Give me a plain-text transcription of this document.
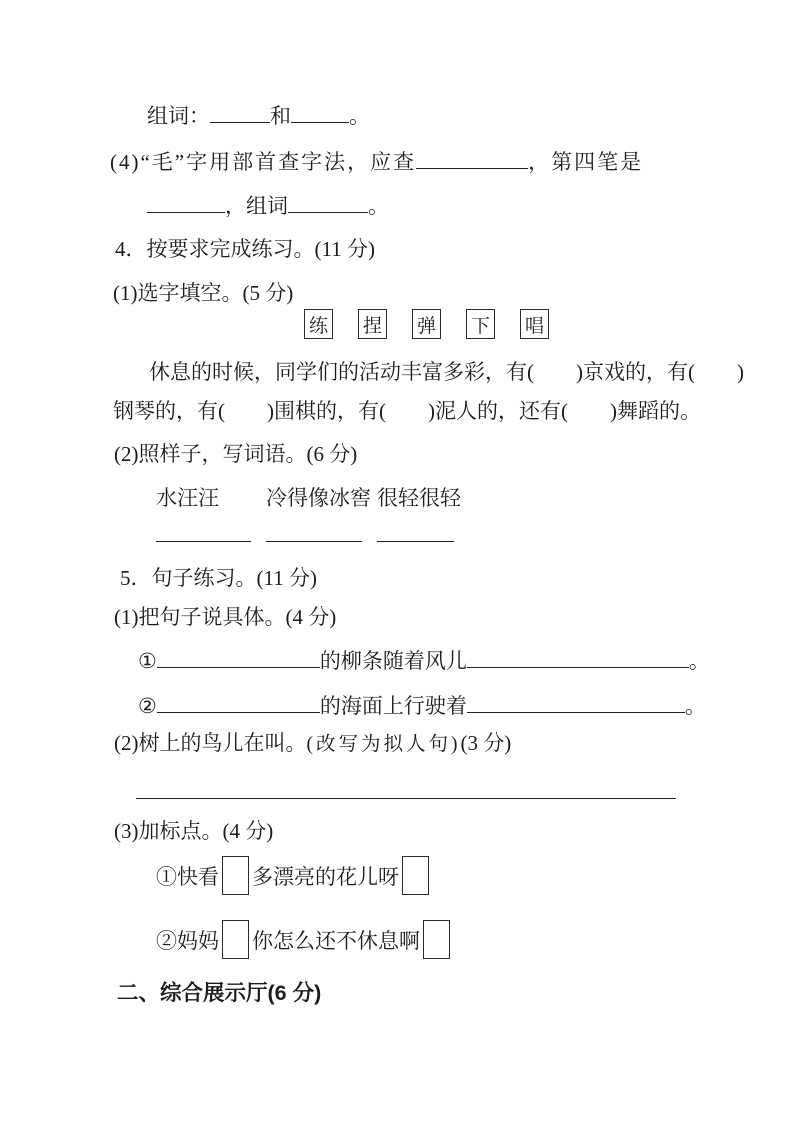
组词：	和	。
(4)“毛”字用部首查字法，应查	，第四笔是
，组词	。
4．按要求完成练习。(11 分)
(1)选字填空。(5 分)
练 捏 弹 下 唱
休息的时候，同学们的活动丰富多彩，有(　　)京戏的，有(　　)
钢琴的，有(　　)围棋的，有(　　)泥人的，还有(　　)舞蹈的。
(2)照样子，写词语。(6 分)
水汪汪 冷得像冰窖 很轻很轻
5．句子练习。(11 分)
(1)把句子说具体。(4 分)
①	的柳条随着风儿	。
②	的海面上行驶着	。
(2)树上的鸟儿在叫。(改写为拟人句)(3 分)
(3)加标点。(4 分)
①快看 多漂亮的花儿呀
②妈妈 你怎么还不休息啊
二、综合展示厅(6 分)
